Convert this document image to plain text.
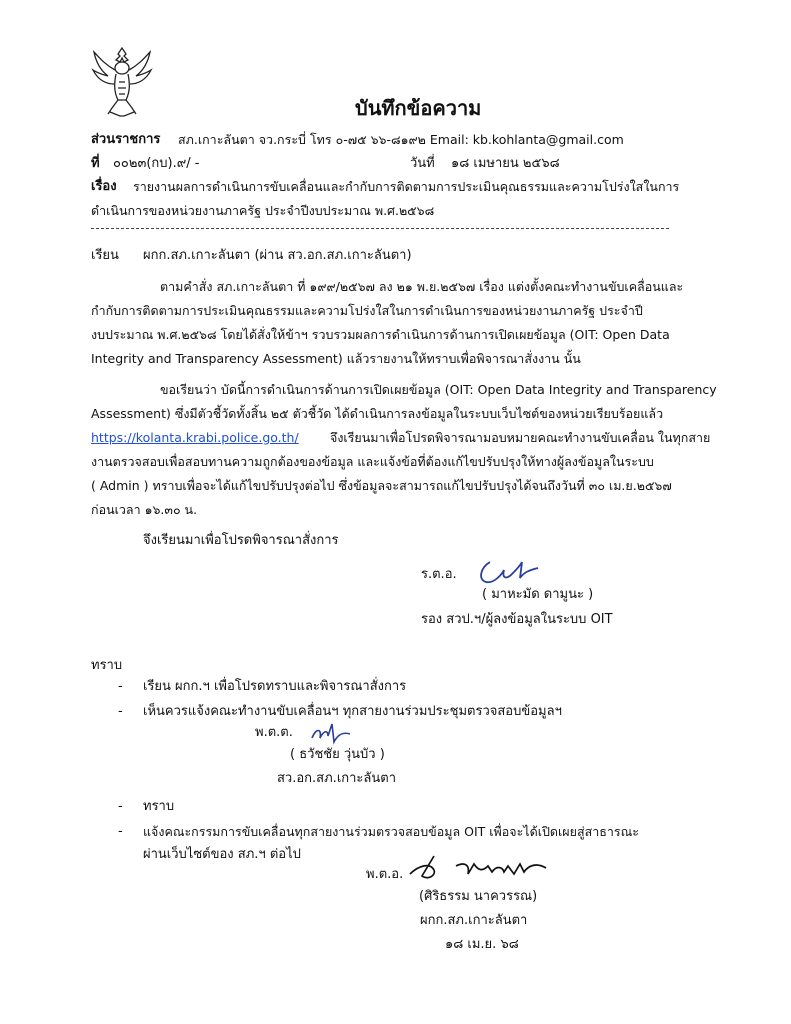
บันทึกข้อความ
ส่วนราชการ สภ.เกาะลันตา จว.กระบี่ โทร ๐-๗๕ ๖๖-๘๑๙๒ Email: kb.kohlanta@gmail.com
ที่ ๐๐๒๓(กบ).๙/ -	วันที่ ๑๘ เมษายน ๒๕๖๘
เรื่อง รายงานผลการดำเนินการขับเคลื่อนและกำกับการติดตามการประเมินคุณธรรมและความโปร่งใสในการ
ดำเนินการของหน่วยงานภาครัฐ ประจำปีงบประมาณ พ.ศ.๒๕๖๘
เรียน ผกก.สภ.เกาะลันตา (ผ่าน สว.อก.สภ.เกาะลันตา)
ตามคำสั่ง สภ.เกาะลันตา ที่ ๑๙๙/๒๕๖๗ ลง ๒๑ พ.ย.๒๕๖๗ เรื่อง แต่งตั้งคณะทำงานขับเคลื่อนและ
กำกับการติดตามการประเมินคุณธรรมและความโปร่งใสในการดำเนินการของหน่วยงานภาครัฐ ประจำปี
งบประมาณ พ.ศ.๒๕๖๘ โดยได้สั่งให้ข้าฯ รวบรวมผลการดำเนินการด้านการเปิดเผยข้อมูล (OIT: Open Data
Integrity and Transparency Assessment) แล้วรายงานให้ทราบเพื่อพิจารณาสั่งงาน นั้น
ขอเรียนว่า บัดนี้การดำเนินการด้านการเปิดเผยข้อมูล (OIT: Open Data Integrity and Transparency
Assessment) ซึ่งมีตัวชี้วัดทั้งสิ้น ๒๕ ตัวชี้วัด ได้ดำเนินการลงข้อมูลในระบบเว็บไซต์ของหน่วยเรียบร้อยแล้ว
https://kolanta.krabi.police.go.th/	จึงเรียนมาเพื่อโปรดพิจารณามอบหมายคณะทำงานขับเคลื่อน ในทุกสาย
งานตรวจสอบเพื่อสอบทานความถูกต้องของข้อมูล และแจ้งข้อที่ต้องแก้ไขปรับปรุงให้ทางผู้ลงข้อมูลในระบบ
( Admin ) ทราบเพื่อจะได้แก้ไขปรับปรุงต่อไป ซึ่งข้อมูลจะสามารถแก้ไขปรับปรุงได้จนถึงวันที่ ๓๐ เม.ย.๒๕๖๗
ก่อนเวลา ๑๖.๓๐ น.
จึงเรียนมาเพื่อโปรดพิจารณาสั่งการ
ร.ต.อ.
( มาหะมัด ดามูนะ )
รอง สวป.ฯ/ผู้ลงข้อมูลในระบบ OIT
ทราบ
- เรียน ผกก.ฯ เพื่อโปรดทราบและพิจารณาสั่งการ
- เห็นควรแจ้งคณะทำงานขับเคลื่อนฯ ทุกสายงานร่วมประชุมตรวจสอบข้อมูลฯ
พ.ต.ต.
( ธวัชชัย วุ่นบัว )
สว.อก.สภ.เกาะลันตา
- ทราบ
- แจ้งคณะกรรมการขับเคลื่อนทุกสายงานร่วมตรวจสอบข้อมูล OIT เพื่อจะได้เปิดเผยสู่สาธารณะ
ผ่านเว็บไซต์ของ สภ.ฯ ต่อไป
พ.ต.อ.
(ศิริธรรม นาควรรณ)
ผกก.สภ.เกาะลันตา
๑๘ เม.ย. ๖๘
